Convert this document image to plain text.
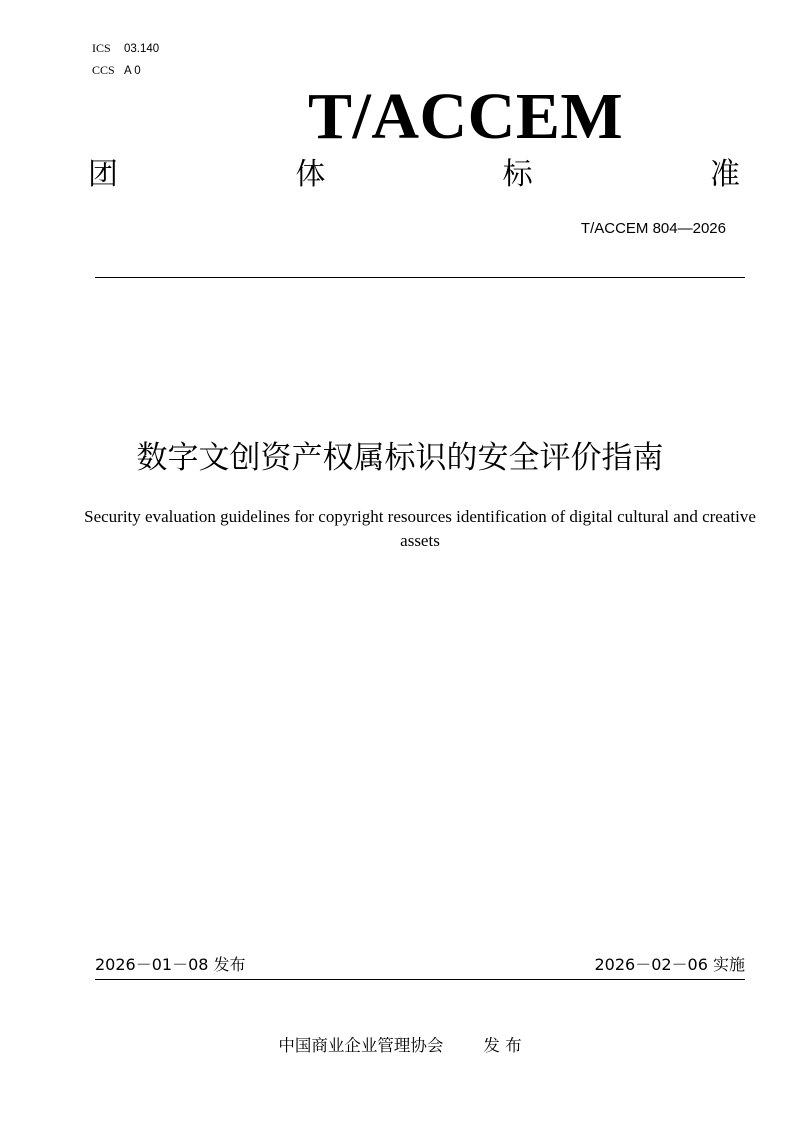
ICS 03.140
CCS A 0
T/ACCEM
团	体	标	准
T/ACCEM 804—2026
数字文创资产权属标识的安全评价指南
Security evaluation guidelines for copyright resources identification of digital cultural and creative assets
2026－01－08 发布	2026－02－06 实施
中国商业企业管理协会 发 布
